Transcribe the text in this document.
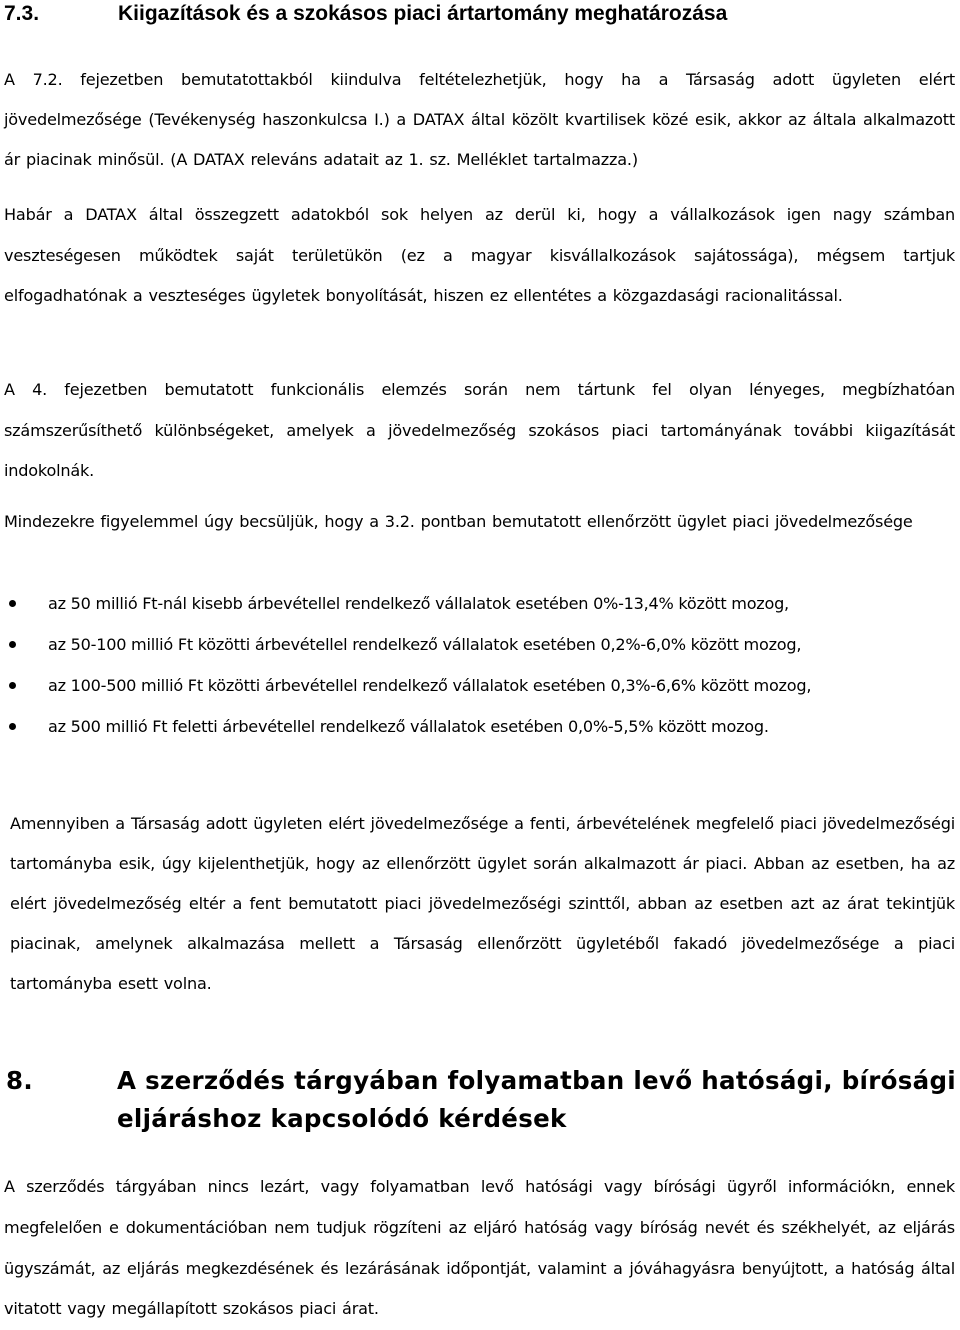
7.3.	Kiigazítások és a szokásos piaci ártartomány meghatározása

A 7.2. fejezetben bemutatottakból kiindulva feltételezhetjük, hogy ha a Társaság adott ügyleten elért jövedelmezősége (Tevékenység haszonkulcsa I.) a DATAX által közölt kvartilisek közé esik, akkor az általa alkalmazott ár piacinak minősül. (A DATAX releváns adatait az 1. sz. Melléklet tartalmazza.)

Habár a DATAX által összegzett adatokból sok helyen az derül ki, hogy a vállalkozások igen nagy számban veszteségesen működtek saját területükön (ez a magyar kisvállalkozások sajátossága), mégsem tartjuk elfogadhatónak a veszteséges ügyletek bonyolítását, hiszen ez ellentétes a közgazdasági racionalitással.

A 4. fejezetben bemutatott funkcionális elemzés során nem tártunk fel olyan lényeges, megbízhatóan számszerűsíthető különbségeket, amelyek a jövedelmezőség szokásos piaci tartományának további kiigazítását indokolnák.

Mindezekre figyelemmel úgy becsüljük, hogy a 3.2. pontban bemutatott ellenőrzött ügylet piaci jövedelmezősége

az 50 millió Ft-nál kisebb árbevétellel rendelkező vállalatok esetében 0%-13,4% között mozog,
az 50-100 millió Ft közötti árbevétellel rendelkező vállalatok esetében 0,2%-6,0% között mozog,
az 100-500 millió Ft közötti árbevétellel rendelkező vállalatok esetében 0,3%-6,6% között mozog,
az 500 millió Ft feletti árbevétellel rendelkező vállalatok esetében 0,0%-5,5% között mozog.

Amennyiben a Társaság adott ügyleten elért jövedelmezősége a fenti, árbevételének megfelelő piaci jövedelmezőségi tartományba esik, úgy kijelenthetjük, hogy az ellenőrzött ügylet során alkalmazott ár piaci. Abban az esetben, ha az elért jövedelmezőség eltér a fent bemutatott piaci jövedelmezőségi szinttől, abban az esetben azt az árat tekintjük piacinak, amelynek alkalmazása mellett a Társaság ellenőrzött ügyletéből fakadó jövedelmezősége a piaci tartományba esett volna.

8.	A szerződés tárgyában folyamatban levő hatósági, bírósági
eljáráshoz kapcsolódó kérdések

A szerződés tárgyában nincs lezárt, vagy folyamatban levő hatósági vagy bírósági ügyről információkn, ennek megfelelően e dokumentációban nem tudjuk rögzíteni az eljáró hatóság vagy bíróság nevét és székhelyét, az eljárás ügyszámát, az eljárás megkezdésének és lezárásának időpontját, valamint a jóváhagyásra benyújtott, a hatóság által vitatott vagy megállapított szokásos piaci árat.
